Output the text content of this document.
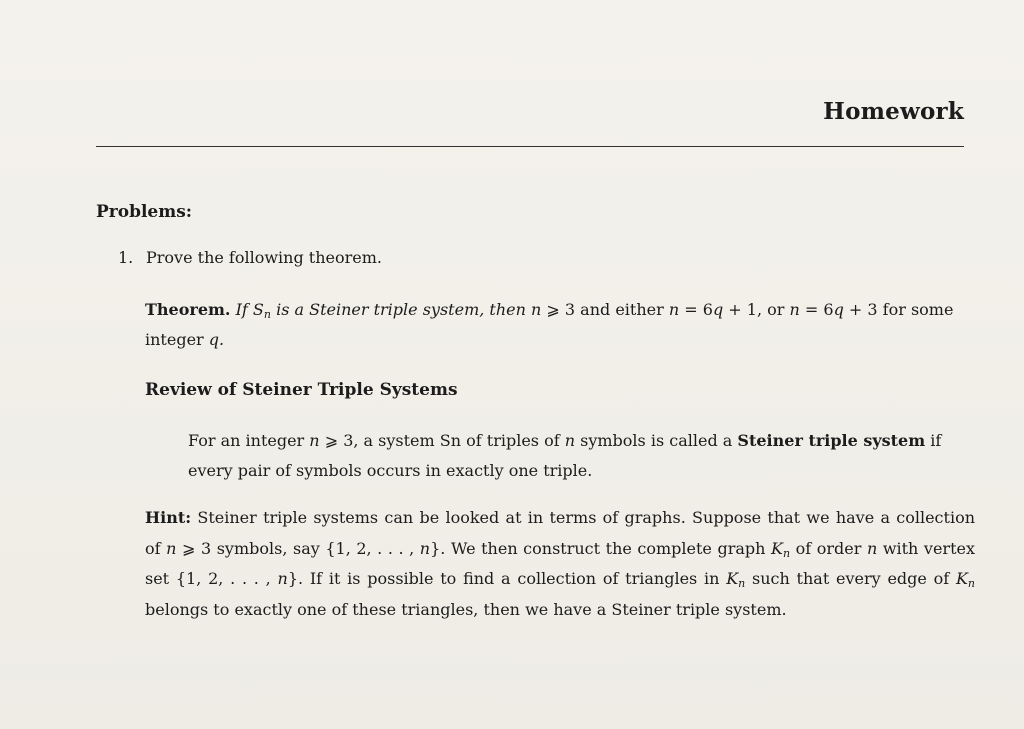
Homework
Problems:
1. Prove the following theorem.
Theorem. If $S_n$ is a Steiner triple system, then n ⩾ 3 and either n = 6q + 1, or n = 6q + 3 for some integer q.
Review of Steiner Triple Systems
For an integer n ⩾ 3, a system Sn of triples of n symbols is called a Steiner triple system if every pair of symbols occurs in exactly one triple.
Hint: Steiner triple systems can be looked at in terms of graphs. Suppose that we have a collection of n ⩾ 3 symbols, say {1, 2, . . . , n}. We then construct the complete graph $K_n$ of order n with vertex set {1, 2, . . . , n}. If it is possible to find a collection of triangles in $K_n$ such that every edge of $K_n$ belongs to exactly one of these triangles, then we have a Steiner triple system.
